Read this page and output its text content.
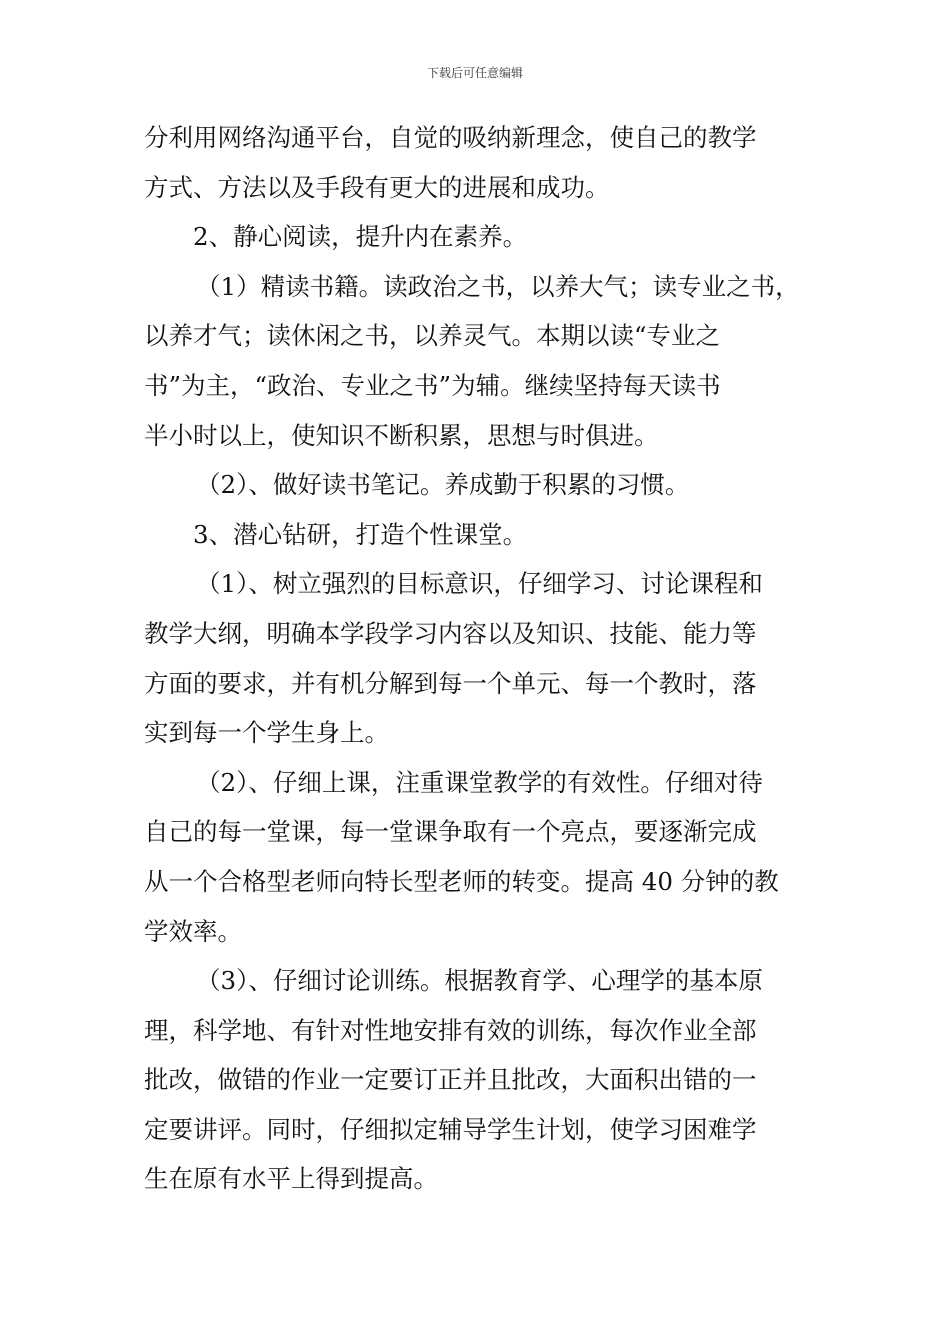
下载后可任意编辑
分利用网络沟通平台，自觉的吸纳新理念，使自己的教学
方式、方法以及手段有更大的进展和成功。
2、静心阅读，提升内在素养。
（1）精读书籍。读政治之书，以养大气；读专业之书，
以养才气；读休闲之书，以养灵气。本期以读“专业之
书”为主，“政治、专业之书”为辅。继续坚持每天读书
半小时以上，使知识不断积累，思想与时俱进。
（2）、做好读书笔记。养成勤于积累的习惯。
3、潜心钻研，打造个性课堂。
（1）、树立强烈的目标意识，仔细学习、讨论课程和
教学大纲，明确本学段学习内容以及知识、技能、能力等
方面的要求，并有机分解到每一个单元、每一个教时，落
实到每一个学生身上。
（2）、仔细上课，注重课堂教学的有效性。仔细对待
自己的每一堂课，每一堂课争取有一个亮点，要逐渐完成
从一个合格型老师向特长型老师的转变。提高 40 分钟的教
学效率。
（3）、仔细讨论训练。根据教育学、心理学的基本原
理，科学地、有针对性地安排有效的训练，每次作业全部
批改，做错的作业一定要订正并且批改，大面积出错的一
定要讲评。同时，仔细拟定辅导学生计划，使学习困难学
生在原有水平上得到提高。
